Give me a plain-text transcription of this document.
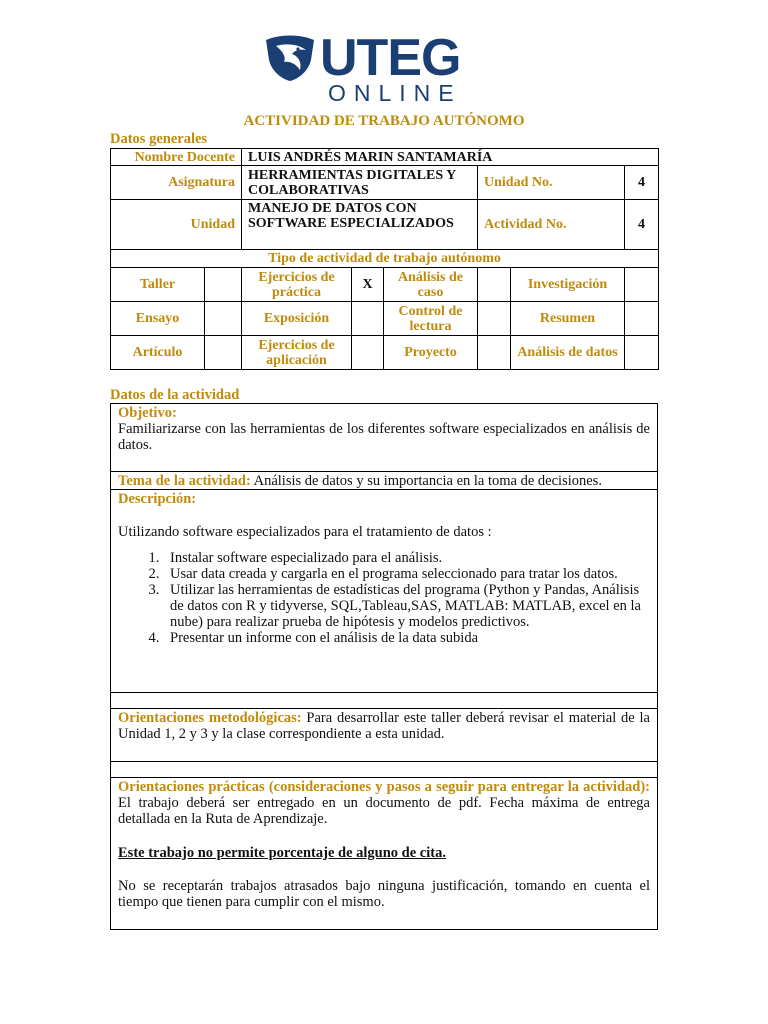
UTEG
ONLINE
ACTIVIDAD DE TRABAJO AUTÓNOMO
Datos generales
Nombre Docente		LUIS ANDRÉS MARIN SANTAMARÍA					
Asignatura		HERRAMIENTAS DIGITALES Y COLABORATIVAS			Unidad No.		4
Unidad		MANEJO DE DATOS CON SOFTWARE ESPECIALIZADOS			Actividad No.		4
Tipo de actividad de trabajo autónomo							
Taller		Ejercicios de práctica	X	Análisis de caso		Investigación	
Ensayo		Exposición		Control de lectura		Resumen	
Artículo		Ejercicios de aplicación		Proyecto		Análisis de datos	
Datos de la actividad
Objetivo:
Familiarizarse con las herramientas de los diferentes software especializados en análisis de datos.
Tema de la actividad: Análisis de datos y su importancia en la toma de decisiones.
Descripción:
Utilizando software especializados para el tratamiento de datos :
1. Instalar software especializado para el análisis.
2. Usar data creada y cargarla en el programa seleccionado para tratar los datos.
3. Utilizar las herramientas de estadísticas del programa (Python y Pandas, Análisis de datos con R y tidyverse, SQL,Tableau,SAS, MATLAB: MATLAB, excel en la nube) para realizar prueba de hipótesis y modelos predictivos.
4. Presentar un informe con el análisis de la data subida
Orientaciones metodológicas: Para desarrollar este taller deberá revisar el material de la Unidad 1, 2 y 3 y la clase correspondiente a esta unidad.
Orientaciones prácticas (consideraciones y pasos a seguir para entregar la actividad): El trabajo deberá ser entregado en un documento de pdf. Fecha máxima de entrega detallada en la Ruta de Aprendizaje.
Este trabajo no permite porcentaje de alguno de cita.
No se receptarán trabajos atrasados bajo ninguna justificación, tomando en cuenta el tiempo que tienen para cumplir con el mismo.
